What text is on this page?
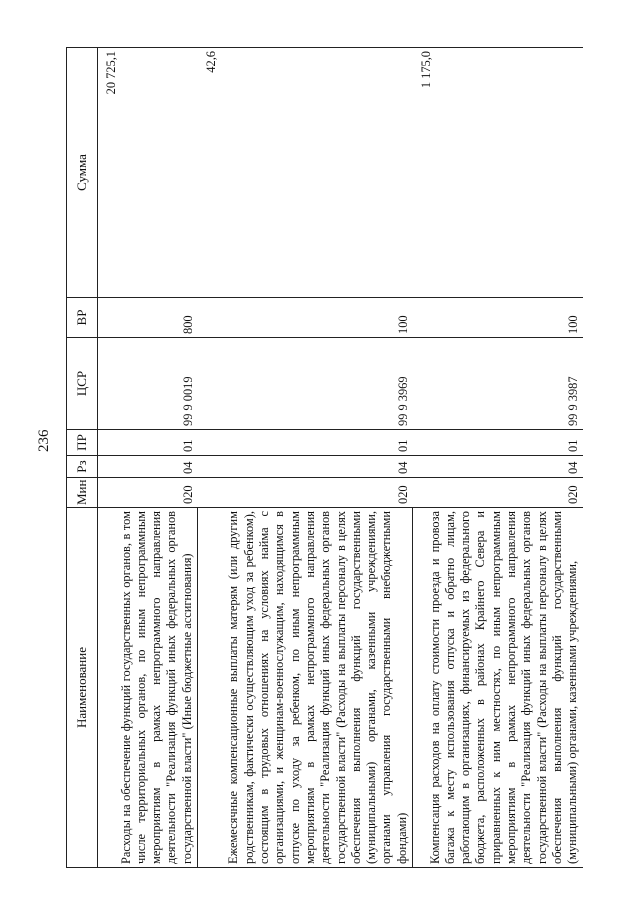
236
Наименование	Мин	Рз	ПР	ЦСР	ВР	Сумма
Расходы на обеспечение функций государственных органов, в том числе территориальных органов, по иным непрограммным мероприятиям в рамках непрограммного направления деятельности "Реализация функций иных федеральных органов государственной власти" (Иные бюджетные ассигнования)	020	04	01	99 9 0019	800	20 725,1
Ежемесячные компенсационные выплаты матерям (или другим родственникам, фактически осуществляющим уход за ребенком), состоящим в трудовых отношениях на условиях найма с организациями, и женщинам-военнослужащим, находящимся в отпуске по уходу за ребенком, по иным непрограммным мероприятиям в рамках непрограммного направления деятельности "Реализация функций иных федеральных органов государственной власти" (Расходы на выплаты персоналу в целях обеспечения выполнения функций государственными (муниципальными) органами, казенными учреждениями, органами управления государственными внебюджетными фондами)	020	04	01	99 9 3969	100	42,6
Компенсация расходов на оплату стоимости проезда и провоза багажа к месту использования отпуска и обратно лицам, работающим в организациях, финансируемых из федерального бюджета, расположенных в районах Крайнего Севера и приравненных к ним местностях, по иным непрограммным мероприятиям в рамках непрограммного направления деятельности "Реализация функций иных федеральных органов государственной власти" (Расходы на выплаты персоналу в целях обеспечения выполнения функций государственными (муниципальными) органами, казенными учреждениями,	020	04	01	99 9 3987	100	1 175,0
